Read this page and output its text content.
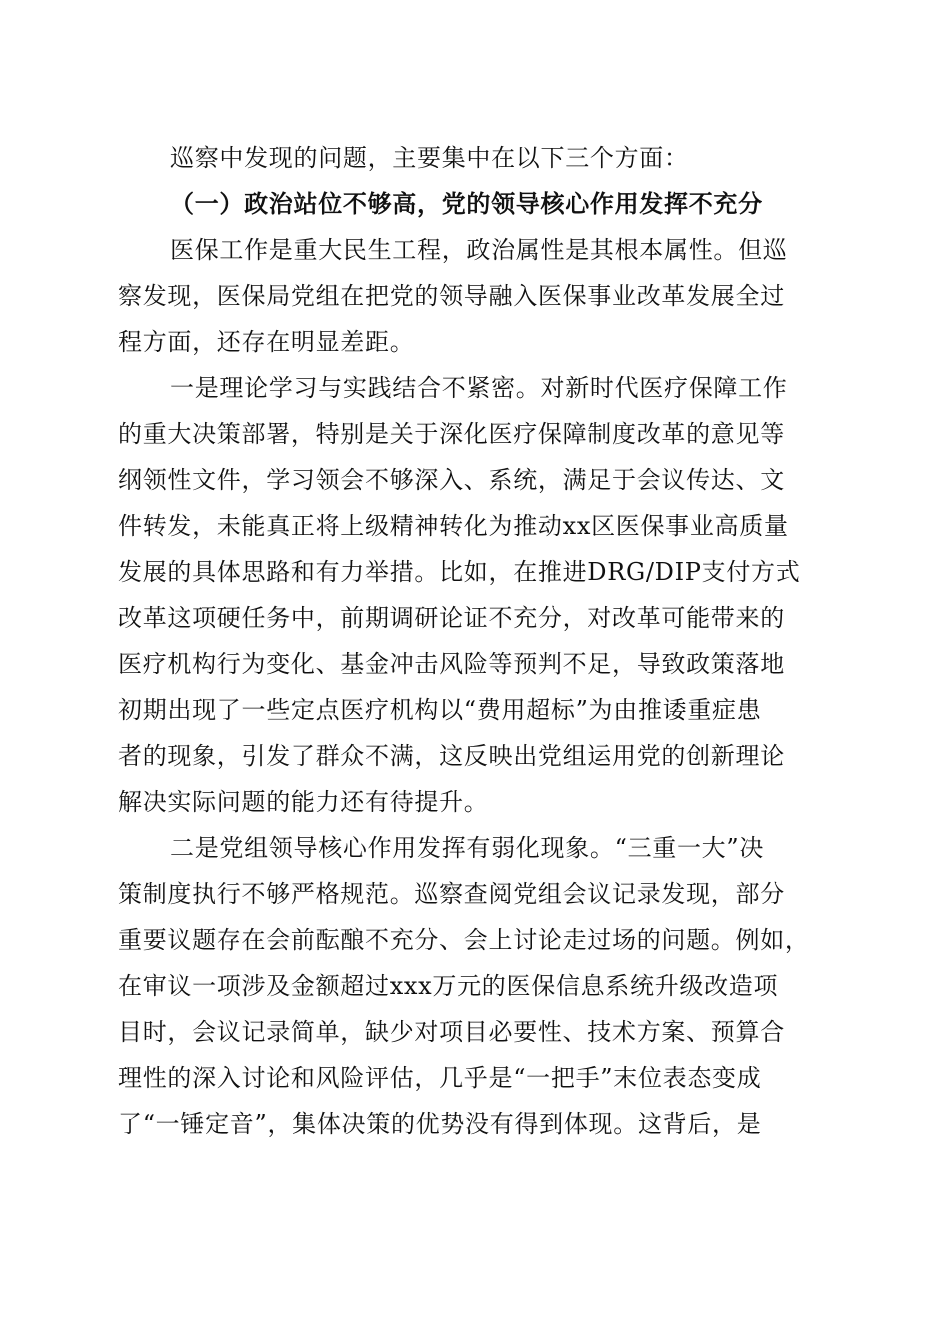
巡察中发现的问题，主要集中在以下三个方面：
（一）政治站位不够高，党的领导核心作用发挥不充分
医保工作是重大民生工程，政治属性是其根本属性。但巡
察发现，医保局党组在把党的领导融入医保事业改革发展全过
程方面，还存在明显差距。
一是理论学习与实践结合不紧密。对新时代医疗保障工作
的重大决策部署，特别是关于深化医疗保障制度改革的意见等
纲领性文件，学习领会不够深入、系统，满足于会议传达、文
件转发，未能真正将上级精神转化为推动xx区医保事业高质量
发展的具体思路和有力举措。比如，在推进DRG/DIP支付方式
改革这项硬任务中，前期调研论证不充分，对改革可能带来的
医疗机构行为变化、基金冲击风险等预判不足，导致政策落地
初期出现了一些定点医疗机构以“费用超标”为由推诿重症患
者的现象，引发了群众不满，这反映出党组运用党的创新理论
解决实际问题的能力还有待提升。
二是党组领导核心作用发挥有弱化现象。“三重一大”决
策制度执行不够严格规范。巡察查阅党组会议记录发现，部分
重要议题存在会前酝酿不充分、会上讨论走过场的问题。例如，
在审议一项涉及金额超过xxx万元的医保信息系统升级改造项
目时，会议记录简单，缺少对项目必要性、技术方案、预算合
理性的深入讨论和风险评估，几乎是“一把手”末位表态变成
了“一锤定音”，集体决策的优势没有得到体现。这背后，是
